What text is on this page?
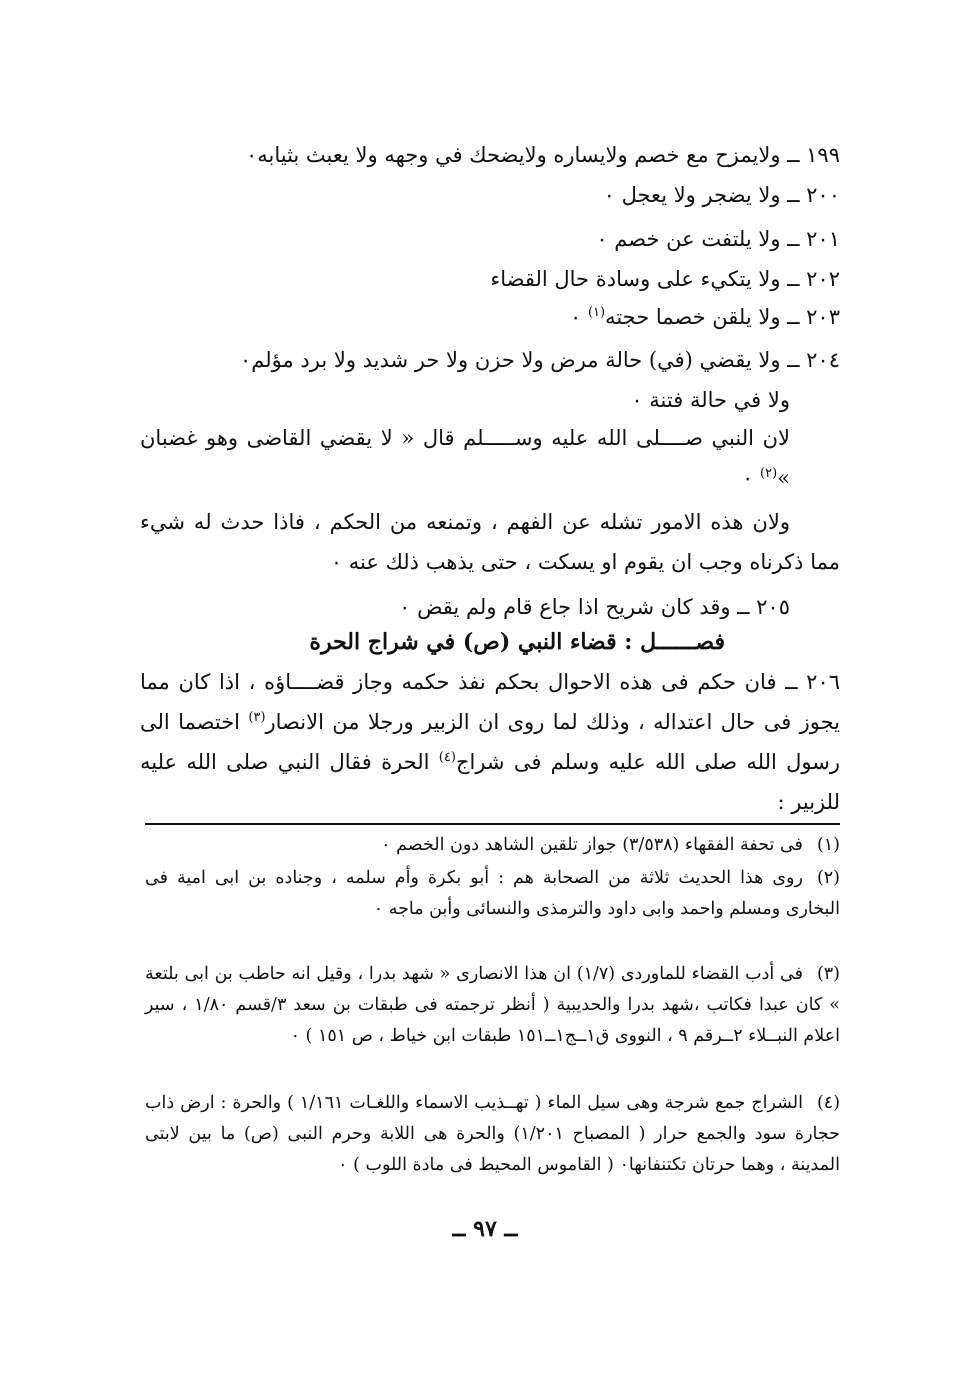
١٩٩ ــ ولايمزح مع خصم ولايساره ولايضحك في وجهه ولا يعبث بثيابه٠
٢٠٠ ــ ولا يضجر ولا يعجل ٠
٢٠١ ــ ولا يلتفت عن خصم ٠
٢٠٢ ــ ولا يتكيء على وسادة حال القضاء
٢٠٣ ــ ولا يلقن خصما حجته$^{(١)}$ ٠
٢٠٤ ــ ولا يقضي (في) حالة مرض ولا حزن ولا حر شديد ولا برد مؤلم٠
ولا في حالة فتنة ٠
لان النبي صــــلى الله عليه وســـــلم قال « لا يقضي القاضى وهو غضبان »$^{(٢)}$ ٠
ولان هذه الامور تشله عن الفهم ، وتمنعه من الحكم ، فاذا حدث له شيء مما ذكرناه وجب ان يقوم او يسكت ، حتى يذهب ذلك عنه ٠
٢٠٥ ــ وقد كان شريح اذا جاع قام ولم يقض ٠
فصــــــل : قضاء النبي (ص) في شراج الحرة
٢٠٦ ــ فان حكم فى هذه الاحوال بحكم نفذ حكمه وجاز قضــــاؤه ، اذا كان مما يجوز فى حال اعتداله ، وذلك لما روى ان الزبير ورجلا من الانصار$^{(٣)}$ اختصما الى رسول الله صلى الله عليه وسلم فى شراج$^{(٤)}$ الحرة فقال النبي صلى الله عليه للزبير :
(١)فى تحفة الفقهاء (٣/٥٣٨) جواز تلقين الشاهد دون الخصم ٠
(٢)روى هذا الحديث ثلاثة من الصحابة هم : أبو بكرة وأم سلمه ، وجناده بن ابى امية فى البخارى ومسلم واحمد وابى داود والترمذى والنسائى وأبن ماجه ٠
(٣)فى أدب القضاء للماوردى (١/٧) ان هذا الانصارى « شهد بدرا ، وقيل انه حاطب بن ابى بلتعة » كان عبدا فكاتب ،شهد بدرا والحديبية ( أنظر ترجمته فى طبقات بن سعد ٣/قسم ١/٨٠ ، سير اعلام النبــلاء ٢ــرقم ٩ ، النووى ق١ــج١ــ١٥١ طبقات ابن خياط ، ص ١٥١ ) ٠
(٤)الشراج جمع شرجة وهى سيل الماء ( تهــذيب الاسماء واللغـات ١/١٦١ ) والحرة : ارض ذاب حجارة سود والجمع حرار ( المصباح ١/٢٠١) والحرة هى اللابة وحرم النبى (ص) ما بين لابتى المدينة ، وهما حرتان تكتنفانها٠ ( القاموس المحيط فى مادة اللوب ) ٠
ــ ٩٧ ــ
